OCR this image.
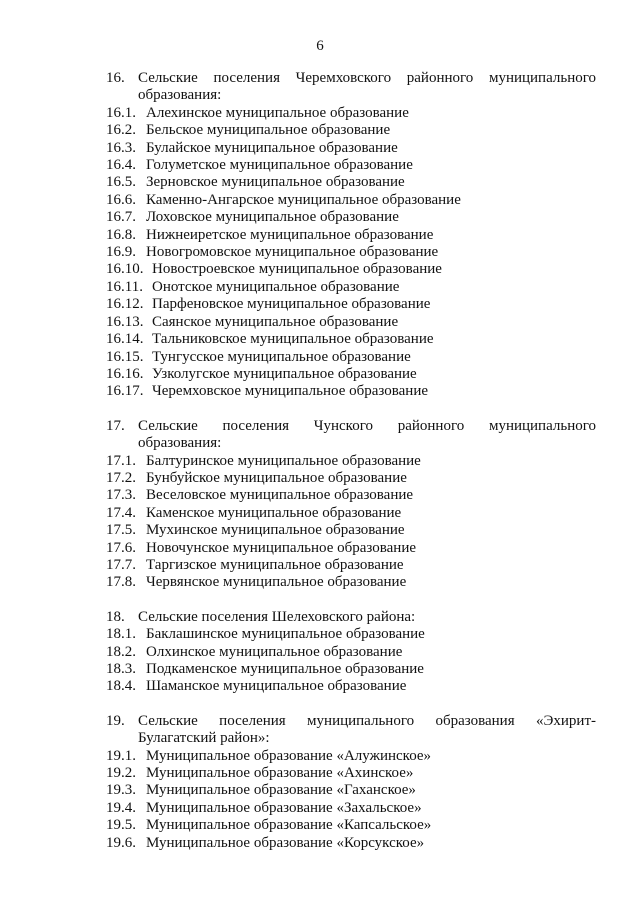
6
16. Сельские поселения Черемховского районного муниципального образования:
16.1. Алехинское муниципальное образование
16.2. Бельское муниципальное образование
16.3. Булайское муниципальное образование
16.4. Голуметское муниципальное образование
16.5. Зерновское муниципальное образование
16.6. Каменно-Ангарское муниципальное образование
16.7. Лоховское муниципальное образование
16.8. Нижнеиретское муниципальное образование
16.9. Новогромовское муниципальное образование
16.10. Новостроевское муниципальное образование
16.11. Онотское муниципальное образование
16.12. Парфеновское муниципальное образование
16.13. Саянское муниципальное образование
16.14. Тальниковское муниципальное образование
16.15. Тунгусское муниципальное образование
16.16. Узколугское муниципальное образование
16.17. Черемховское муниципальное образование
17. Сельские поселения Чунского районного муниципального образования:
17.1. Балтуринское муниципальное образование
17.2. Бунбуйское муниципальное образование
17.3. Веселовское муниципальное образование
17.4. Каменское муниципальное образование
17.5. Мухинское муниципальное образование
17.6. Новочунское муниципальное образование
17.7. Таргизское муниципальное образование
17.8. Червянское муниципальное образование
18. Сельские поселения Шелеховского района:
18.1. Баклашинское муниципальное образование
18.2. Олхинское муниципальное образование
18.3. Подкаменское муниципальное образование
18.4. Шаманское муниципальное образование
19. Сельские поселения муниципального образования «Эхирит-Булагатский район»:
19.1. Муниципальное образование «Алужинское»
19.2. Муниципальное образование «Ахинское»
19.3. Муниципальное образование «Гаханское»
19.4. Муниципальное образование «Захальское»
19.5. Муниципальное образование «Капсальское»
19.6. Муниципальное образование «Корсукское»
